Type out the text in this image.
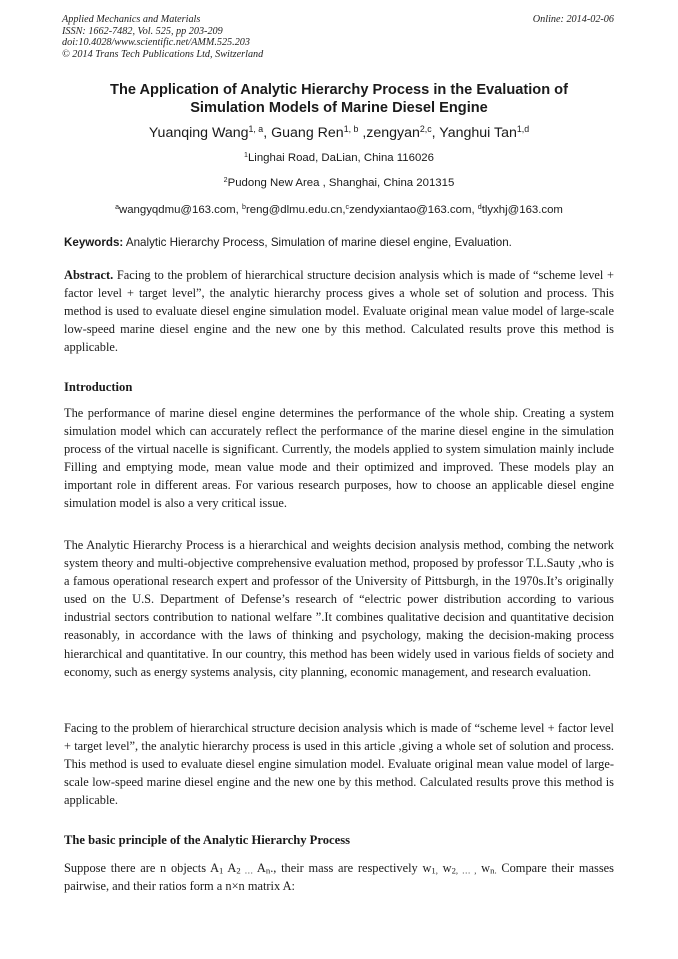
Applied Mechanics and Materials
ISSN: 1662-7482, Vol. 525, pp 203-209
doi:10.4028/www.scientific.net/AMM.525.203
© 2014 Trans Tech Publications Ltd, Switzerland
Online: 2014-02-06
The Application of Analytic Hierarchy Process in the Evaluation of
Simulation Models of Marine Diesel Engine
Yuanqing Wang$^{1, a}$, Guang Ren$^{1, b}$ ,zengyan$^{2,c}$, Yanghui Tan$^{1,d}$
$^1$Linghai Road, DaLian, China 116026
$^2$Pudong New Area , Shanghai, China 201315
$^a$wangyqdmu@163.com, $^b$reng@dlmu.edu.cn,$^c$zendyxiantao@163.com, $^d$tlyxhj@163.com
Keywords: Analytic Hierarchy Process, Simulation of marine diesel engine, Evaluation.
Abstract. Facing to the problem of hierarchical structure decision analysis which is made of “scheme level + factor level + target level”, the analytic hierarchy process gives a whole set of solution and process. This method is used to evaluate diesel engine simulation model. Evaluate original mean value model of large-scale low-speed marine diesel engine and the new one by this method. Calculated results prove this method is applicable.
Introduction
The performance of marine diesel engine determines the performance of the whole ship. Creating a system simulation model which can accurately reflect the performance of the marine diesel engine in the simulation process of the virtual nacelle is significant. Currently, the models applied to system simulation mainly include Filling and emptying mode, mean value mode and their optimized and improved. These models play an important role in different areas. For various research purposes, how to choose an applicable diesel engine simulation model is also a very critical issue.
The Analytic Hierarchy Process is a hierarchical and weights decision analysis method, combing the network system theory and multi-objective comprehensive evaluation method, proposed by professor T.L.Sauty ,who is a famous operational research expert and professor of the University of Pittsburgh, in the 1970s.It’s originally used on the U.S. Department of Defense’s research of “electric power distribution according to various industrial sectors contribution to national welfare ”.It combines qualitative decision and quantitative decision reasonably, in accordance with the laws of thinking and psychology, making the decision-making process hierarchical and quantitative. In our country, this method has been widely used in various fields of society and economy, such as energy systems analysis, city planning, economic management, and research evaluation.
Facing to the problem of hierarchical structure decision analysis which is made of “scheme level + factor level + target level”, the analytic hierarchy process is used in this article ,giving a whole set of solution and process. This method is used to evaluate diesel engine simulation model. Evaluate original mean value model of large-scale low-speed marine diesel engine and the new one by this method. Calculated results prove this method is applicable.
The basic principle of the Analytic Hierarchy Process
Suppose there are n objects $A_1$ $A_2$ $_\dots$ $A_n$., their mass are respectively $w_{1,}$ $w_{2, \dots ,}$ $w_{n.}$ Compare their masses pairwise, and their ratios form a n×n matrix A:
